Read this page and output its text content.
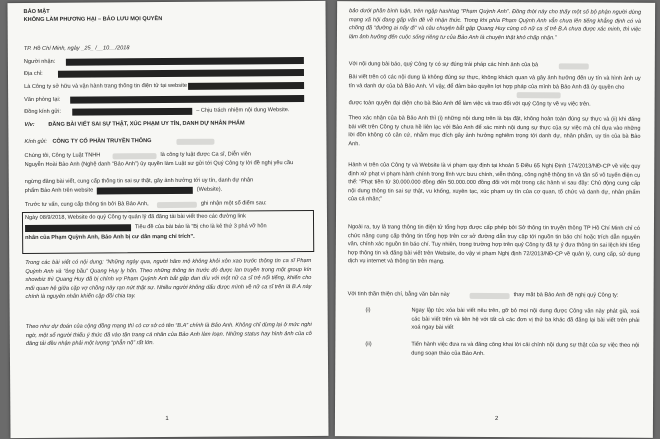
BẢO MẬT
KHÔNG LÀM PHƯƠNG HẠI – BẢO LƯU MỌI QUYỀN
TP. Hồ Chí Minh, ngày _25_ /__10__/2018
Người nhận:
Địa chỉ:
Là Công ty sở hữu và vận hành trang thông tin điện tử tại website
Văn phòng tại:
Đồng kính gửi:	– Chịu trách nhiệm nội dung Website.
V/v: ĐĂNG BÀI VIẾT SAI SỰ THẬT, XÚC PHẠM UY TÍN, DANH DỰ NHÂN PHẨM
Kính gửi: CÔNG TY CỔ PHẦN TRUYỀN THÔNG
Chúng tôi, Công ty Luật TNHH	là công ty luật được Ca sĩ, Diễn viên
Nguyễn Hoài Bảo Anh (Nghệ danh “Bảo Anh”) ủy quyền làm Luật sư gửi tới Quý Công ty lời đề nghị yêu cầu
ngừng đăng bài viết, cung cấp thông tin sai sự thật, gây ảnh hưởng tới uy tín, danh dự nhân
phẩm Bảo Anh trên website	(Website).
Trước tư vấn, cung cấp thông tin bởi Bà Bảo Anh,	ghi nhận một số điểm sau:
Ngày 08/9/2018, Website do quý Công ty quản lý đã đăng tải bài viết theo các đường link
Tiêu đề của bài báo là “Bị cho là kẻ thứ 3 phá vỡ hôn
nhân của Phạm Quỳnh Anh, Bảo Anh bị cư dân mạng chỉ trích”.
Trong các bài viết có nội dung: “Những ngày qua, người hâm mộ không khỏi xôn xao trước thông tin ca sĩ Phạm Quỳnh Anh và “ông bầu” Quang Huy ly hôn. Theo những thông tin trước đó được lan truyền trong một group kín showbiz thì Quang Huy đã bị chính vợ Phạm Quỳnh Anh bắt gặp đan díu với một nữ ca sĩ trẻ nổi tiếng, khiến cho mối quan hệ giữa cặp vợ chồng này rạn nứt thật sự. Nhiều người không dấu được mình về nữ ca sĩ trên là B.A này chính là nguyên nhân khiến cặp đôi chia tay.
Theo như dự đoán của cộng đồng mạng thì có cơ sở có tên “B.A” chính là Bảo Anh. Không chỉ dừng lại ở mức nghi ngờ, một số người thiếu ý thức đã vào tận trang cá nhân của Bảo Anh làm loạn. Những status hay hình ảnh của cô đăng tải đều nhận phải một lượng “phẫn nộ” rất lớn.
1
bảo dưới phần bình luận, trên ngập hashtag “Phạm Quỳnh Anh”. Đồng thời này cho thấy một số bộ phận người dùng mạng xã hội đang gấp vấn đề về nhận thức. Trong khi phía Phạm Quỳnh Anh vẫn chưa lên tiếng khẳng định có và chồng đã “đường ai nấy đi” và câu chuyện bắt gặp Quang Huy cùng cô nữ ca sĩ trẻ B.A chưa được xác minh, thì việc làm ảnh hưởng đến cuộc sống riêng tư của Bảo Anh là chuyện thật khó chấp nhận.”
Với nội dung bài báo, quý Công ty có sự đúng trái pháp các hình ảnh của bà
Bài viết trên có các nội dung là không đúng sự thực, không khách quan và gây ảnh hưởng đến uy tín và hình ảnh uy tín và danh dự của bà Bảo Anh. Vì vậy, để đảm bảo quyền lợi hợp pháp của mình bà Bảo Anh đã ủy quyền cho
được toàn quyền đại diện cho bà Bảo Anh để làm việc và trao đổi với quý Công ty về vụ việc trên.
Theo xác nhận của bà Bảo Anh thì (i) những nội dung trên là bịa đặt, không hoàn toàn đúng sự thực và (ii) khi đăng bài viết trên Công ty chưa hề liên lạc với Bảo Anh để xác minh nội dung sự thực của sự việc mà chỉ dựa vào những lời đồn không có căn cứ, nhằm mục đích gây ảnh hưởng nghiêm trọng tới danh dự, nhân phẩm, uy tín của bà Bảo Anh.
Hành vi trên của Công ty và Website là vi phạm quy định tại khoản 5 Điều 65 Nghị Định 174/2013/NĐ-CP về việc quy định xử phạt vi phạm hành chính trong lĩnh vực bưu chính, viễn thông, công nghệ thông tin và tần số vô tuyến điện cụ thể: “Phạt tiền từ 30.000.000 đồng đến 50.000.000 đồng đối với một trong các hành vi sau đây: Chủ động cung cấp nội dung thông tin sai sự thật, vu khống, xuyên tạc, xúc phạm uy tín của cơ quan, tổ chức và danh dự, nhân phẩm của cá nhân;”
Ngoài ra, tuy là trang thông tin điện tử tổng hợp được cấp phép bởi Sở thông tin truyền thông TP Hồ Chí Minh chỉ có chức năng cung cấp thông tin tổng hợp trên cơ sở đường dẫn truy cập tới nguồn tin báo chí hoặc trích dẫn nguyên văn, chính xác nguồn tin báo chí. Tuy nhiên, trong trường hợp trên quý Công ty đã tự ý đưa thông tin sai lệch khi tổng hợp thông tin và đăng bài viết trên Website, do vậy vi phạm Nghị định 72/2013/NĐ-CP về quản lý, cung cấp, sử dụng dịch vụ internet và thông tin trên mạng.
Với tinh thần thiện chí, bằng văn bản này	thay mặt bà Bảo Anh đề nghị quý Công ty:
(i)	Ngay lập tức xóa bài viết nêu trên, gỡ bỏ mọi nội dung được Công văn này phát giả, xoá các bài viết trên và liên hệ với tất cả các đơn vị thứ ba khác đã đăng lại bài viết trên phải xoá ngay bài viết
(ii)	Tiến hành việc đưa ra và đăng công khai lời cải chính nội dung sự thật của sự việc theo nội dung soạn thảo của Bảo Anh.
2
